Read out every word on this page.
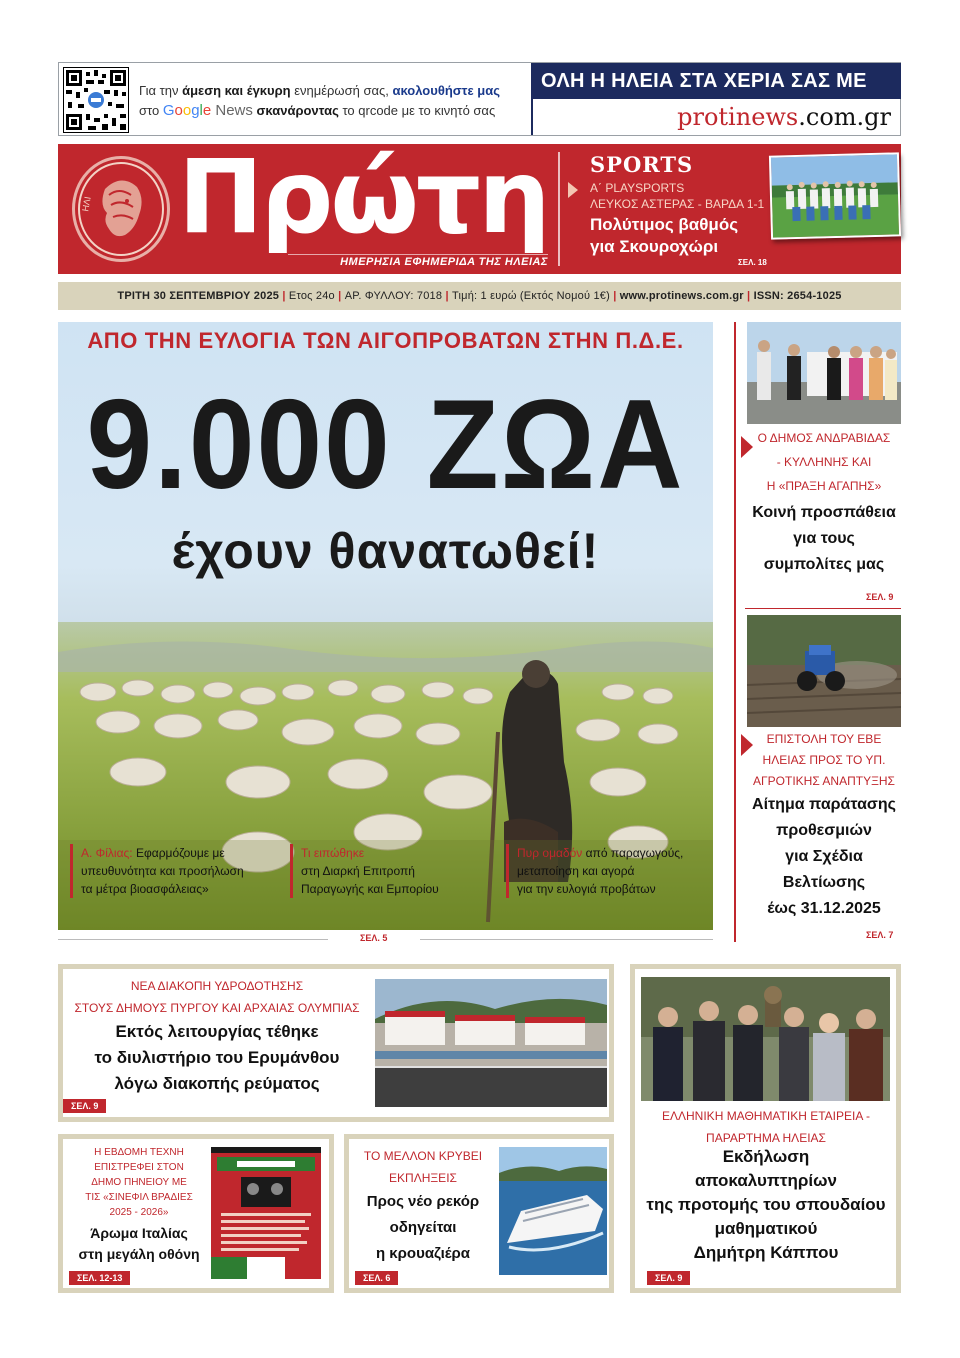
Για την άμεση και έγκυρη ενημέρωσή σας, ακολουθήστε μας
στο Google News σκανάροντας το qrcode με το κινητό σας
ΟΛΗ Η ΗΛΕΙΑ ΣΤΑ ΧΕΡΙΑ ΣΑΣ ΜΕ ΕΝΑ ΚΛΙΚ	protinews.com.gr
ΗΛΙ Πρώτη
ΗΜΕΡΗΣΙΑ ΕΦΗΜΕΡΙΔΑ ΤΗΣ ΗΛΕΙΑΣ
SPORTS
Α΄ PLAYSPORTS
ΛΕΥΚΟΣ ΑΣΤΕΡΑΣ - ΒΑΡΔΑ 1-1
Πολύτιμος βαθμός
για Σκουροχώρι
ΣΕΛ. 18
ΤΡΙΤΗ 30 ΣΕΠΤΕΜΒΡΙΟΥ 2025 | Ετος 24ο | ΑΡ. ΦΥΛΛΟΥ: 7018 | Τιμή: 1 ευρώ (Εκτός Νομού 1€) | www.protinews.com.gr | ISSN: 2654-1025
ΑΠΟ ΤΗΝ ΕΥΛΟΓΙΑ ΤΩΝ ΑΙΓΟΠΡΟΒΑΤΩΝ ΣΤΗΝ Π.Δ.Ε.
9.000 ΖΩΑ
έχουν θανατωθεί!
Α. Φίλιας: Εφαρμόζουμε με
υπευθυνότητα και προσήλωση
τα μέτρα βιοασφάλειας»
Τι ειπώθηκε
στη Διαρκή Επιτροπή
Παραγωγής και Εμπορίου
Πυρ ομαδόν από παραγωγούς,
μεταποίηση και αγορά
για την ευλογιά προβάτων
ΣΕΛ. 5
Ο ΔΗΜΟΣ ΑΝΔΡΑΒΙΔΑΣ
- ΚΥΛΛΗΝΗΣ ΚΑΙ
Η «ΠΡΑΞΗ ΑΓΑΠΗΣ»
Κοινή προσπάθεια
για τους
συμπολίτες μας
ΣΕΛ. 9
ΕΠΙΣΤΟΛΗ ΤΟΥ ΕΒΕ
ΗΛΕΙΑΣ ΠΡΟΣ ΤΟ ΥΠ.
ΑΓΡΟΤΙΚΗΣ ΑΝΑΠΤΥΞΗΣ
Αίτημα παράτασης
προθεσμιών
για Σχέδια
Βελτίωσης
έως 31.12.2025
ΣΕΛ. 7
ΝΕΑ ΔΙΑΚΟΠΗ ΥΔΡΟΔΟΤΗΣΗΣ
ΣΤΟΥΣ ΔΗΜΟΥΣ ΠΥΡΓΟΥ ΚΑΙ ΑΡΧΑΙΑΣ ΟΛΥΜΠΙΑΣ
Εκτός λειτουργίας τέθηκε
το διυλιστήριο του Ερυμάνθου
λόγω διακοπής ρεύματος
ΣΕΛ. 9
ΕΛΛΗΝΙΚΗ ΜΑΘΗΜΑΤΙΚΗ ΕΤΑΙΡΕΙΑ -
ΠΑΡΑΡΤΗΜΑ ΗΛΕΙΑΣ
Εκδήλωση
αποκαλυπτηρίων
της προτομής του σπουδαίου
μαθηματικού
Δημήτρη Κάππου
ΣΕΛ. 9
Η ΕΒΔΟΜΗ ΤΕΧΝΗ
ΕΠΙΣΤΡΕΦΕΙ ΣΤΟΝ
ΔΗΜΟ ΠΗΝΕΙΟΥ ΜΕ
ΤΙΣ «ΣΙΝΕΦΙΛ ΒΡΑΔΙΕΣ
2025 - 2026»
Άρωμα Ιταλίας
στη μεγάλη οθόνη
ΣΕΛ. 12-13
ΤΟ ΜΕΛΛΟΝ ΚΡΥΒΕΙ
ΕΚΠΛΗΞΕΙΣ
Προς νέο ρεκόρ
οδηγείται
η κρουαζιέρα
ΣΕΛ. 6
